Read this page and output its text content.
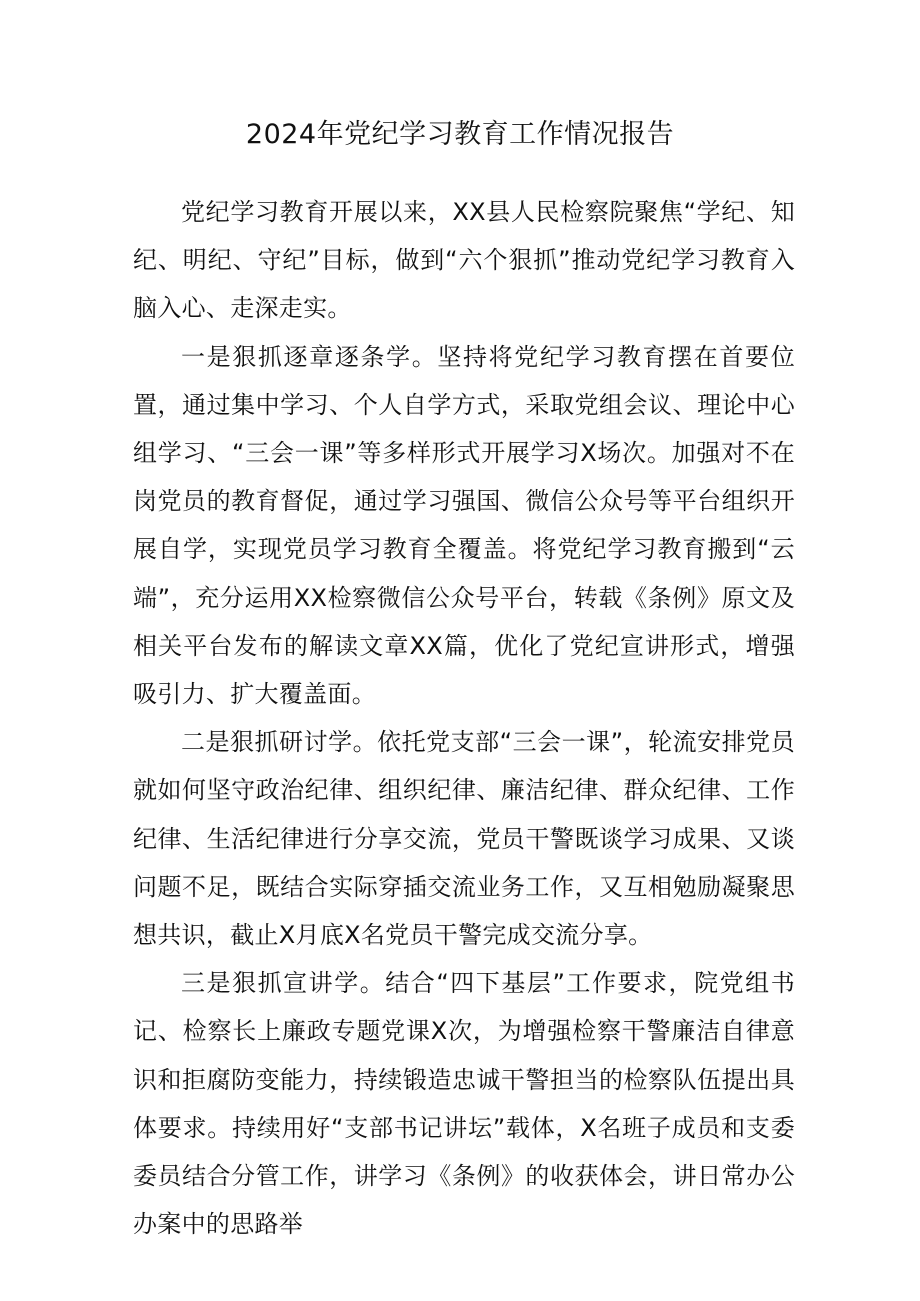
2024年党纪学习教育工作情况报告

党纪学习教育开展以来，XX县人民检察院聚焦“学纪、知纪、明纪、守纪”目标，做到“六个狠抓”推动党纪学习教育入脑入心、走深走实。

一是狠抓逐章逐条学。坚持将党纪学习教育摆在首要位置，通过集中学习、个人自学方式，采取党组会议、理论中心组学习、“三会一课”等多样形式开展学习X场次。加强对不在岗党员的教育督促，通过学习强国、微信公众号等平台组织开展自学，实现党员学习教育全覆盖。将党纪学习教育搬到“云端”，充分运用XX检察微信公众号平台，转载《条例》原文及相关平台发布的解读文章XX篇，优化了党纪宣讲形式，增强吸引力、扩大覆盖面。

二是狠抓研讨学。依托党支部“三会一课”，轮流安排党员就如何坚守政治纪律、组织纪律、廉洁纪律、群众纪律、工作纪律、生活纪律进行分享交流，党员干警既谈学习成果、又谈问题不足，既结合实际穿插交流业务工作，又互相勉励凝聚思想共识，截止X月底X名党员干警完成交流分享。

三是狠抓宣讲学。结合“四下基层”工作要求，院党组书记、检察长上廉政专题党课X次，为增强检察干警廉洁自律意识和拒腐防变能力，持续锻造忠诚干警担当的检察队伍提出具体要求。持续用好“支部书记讲坛”载体，X名班子成员和支委委员结合分管工作，讲学习《条例》的收获体会，讲日常办公办案中的思路举
